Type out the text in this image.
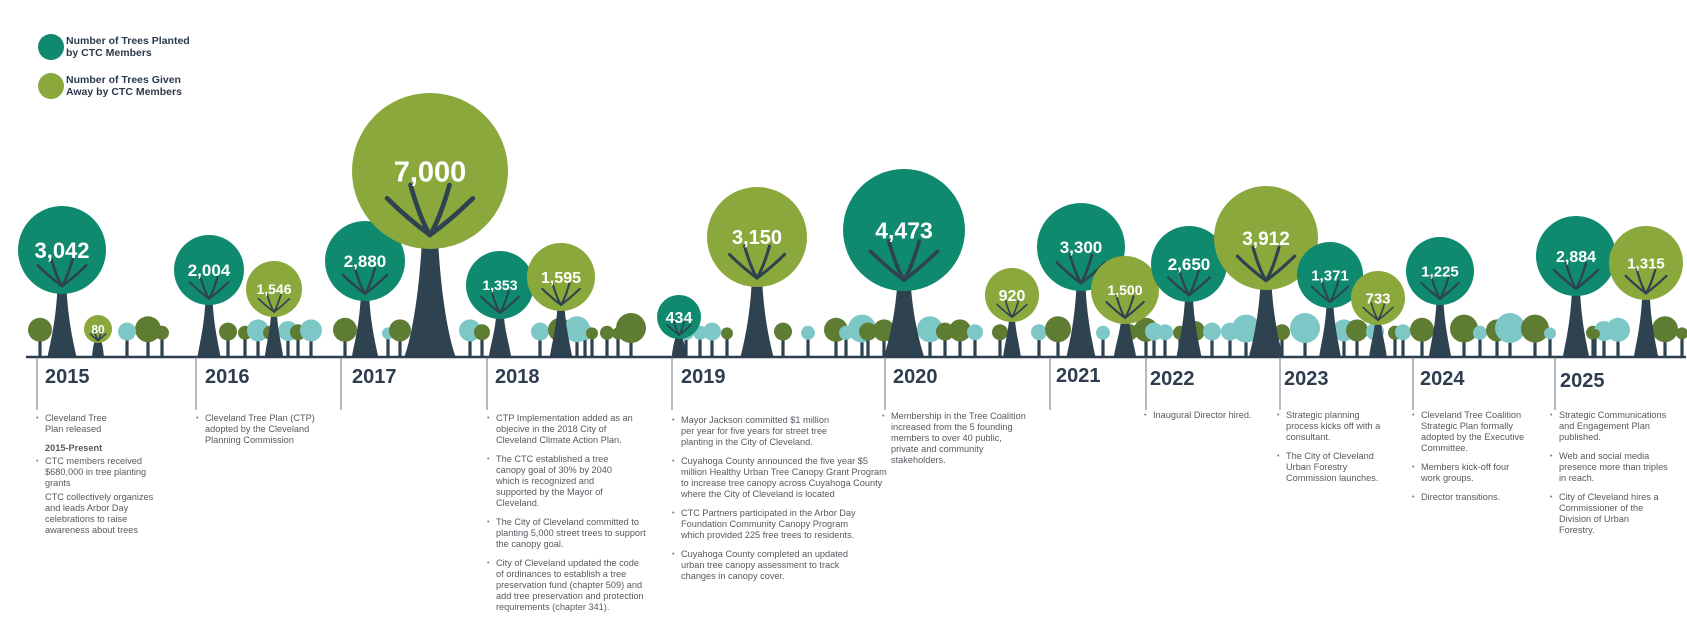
Number of Trees Planted by CTC Members
Number of Trees Given Away by CTC Members
3,042
80
2,004
1,546
2,880
7,000
1,353 1,595
434
3,150	4,473
920
3,300
1,500
2,650
3,912
1,371
733
1,225
2,884 1,315
2015	2016	2017	2018	2019	2020	2021 2022	2023	2024	2025
• Cleveland Tree Plan released
2015-Present
• CTC members received $680,000 in tree planting grants
CTC collectively organizes and leads Arbor Day celebrations to raise awareness about trees
• Cleveland Tree Plan (CTP) adopted by the Cleveland Planning Commission
• CTP Implementation added as an objecive in the 2018 City of Cleveland Climate Action Plan.
• The CTC established a tree canopy goal of 30% by 2040 which is recognized and supported by the Mayor of Cleveland.
• The City of Cleveland committed to planting 5,000 street trees to support the canopy goal.
• City of Cleveland updated the code of ordinances to establish a tree preservation fund (chapter 509) and add tree preservation and protection requirements (chapter 341).
• Mayor Jackson committed $1 million per year for five years for street tree planting in the City of Cleveland.
• Cuyahoga County announced the five year $5 million Healthy Urban Tree Canopy Grant Program to increase tree canopy across Cuyahoga County where the City of Cleveland is located
• CTC Partners participated in the Arbor Day Foundation Community Canopy Program which provided 225 free trees to residents.
• Cuyahoga County completed an updated urban tree canopy assessment to track changes in canopy cover.
• Membership in the Tree Coalition increased from the 5 founding members to over 40 public, private and community stakeholders.
• Inaugural Director hired.
•	Strategic planning process kicks off with a consultant.
• The City of Cleveland Urban Forestry Commission launches.
• Cleveland Tree Coalition Strategic Plan formally adopted by the Executive Committee.
• Members kick-off four work groups.
• Director transitions.
• Strategic Communications and Engagement Plan published.
• Web and social media presence more than triples in reach.
• City of Cleveland hires a Commissioner of the Division of Urban Forestry.
